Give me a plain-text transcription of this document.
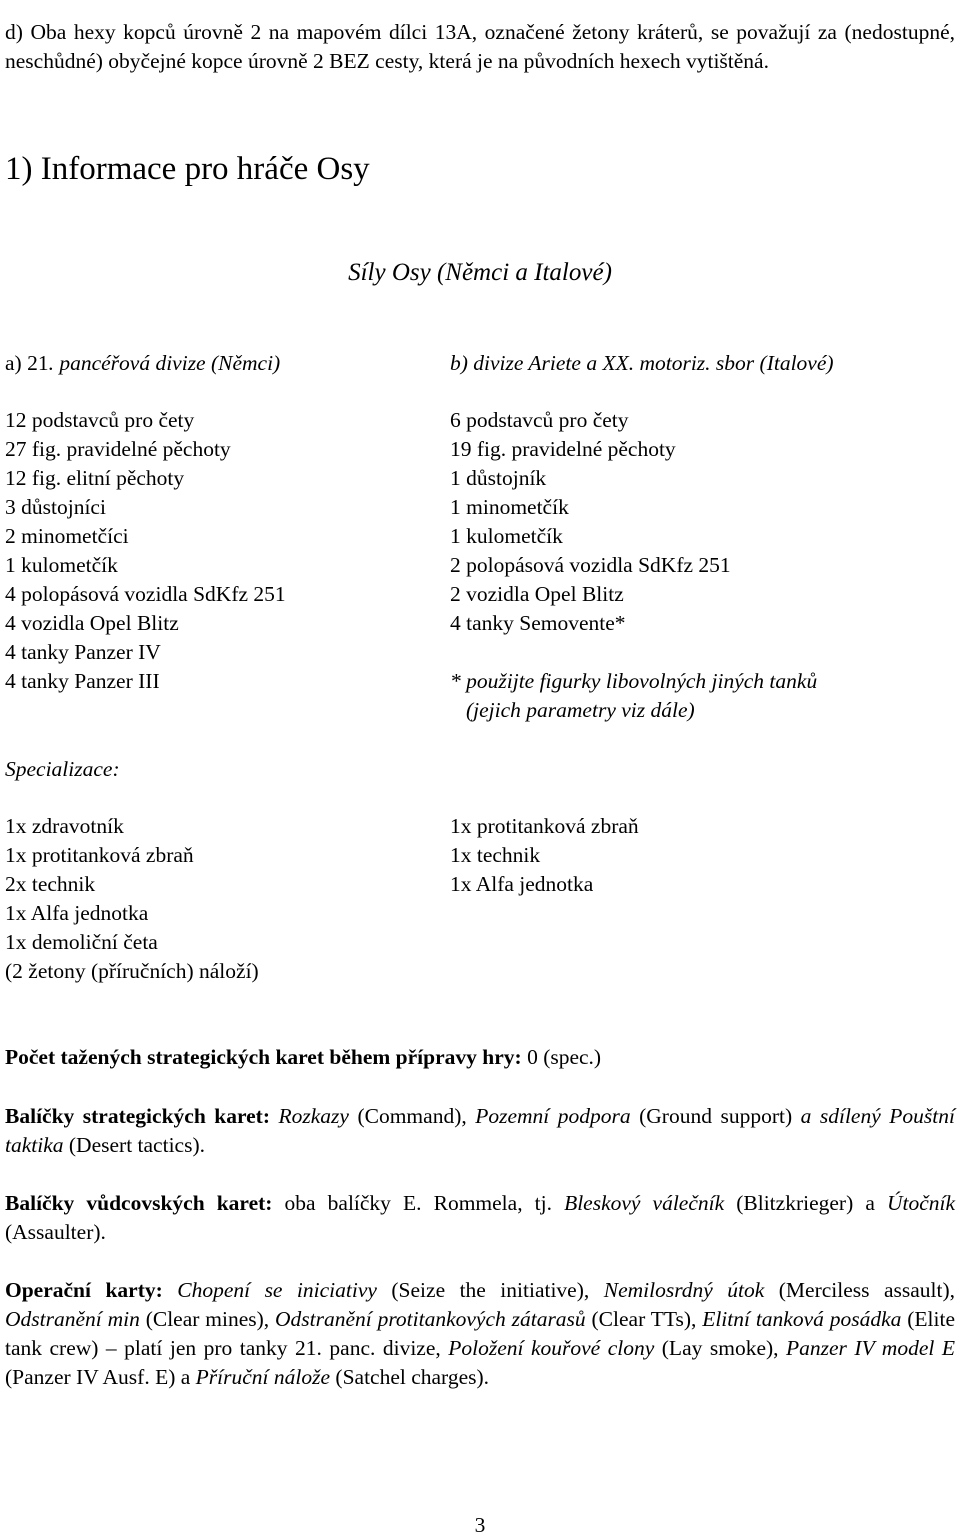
d) Oba hexy kopců úrovně 2 na mapovém dílci 13A, označené žetony kráterů, se považují za (nedostupné, neschůdné) obyčejné kopce úrovně 2 BEZ cesty, která je na původních hexech vytištěná.

1) Informace pro hráče Osy
Síly Osy (Němci a Italové)
a) 21. pancéřová divize (Němci)
12 podstavců pro čety
27 fig. pravidelné pěchoty
12 fig. elitní pěchoty
3 důstojníci
2 minometčíci
1 kulometčík
4 polopásová vozidla SdKfz 251
4 vozidla Opel Blitz
4 tanky Panzer IV
4 tanky Panzer III
b) divize Ariete a XX. motoriz. sbor (Italové)
6 podstavců pro čety
19 fig. pravidelné pěchoty
1 důstojník
1 minometčík
1 kulometčík
2 polopásová vozidla SdKfz 251
2 vozidla Opel Blitz
4 tanky Semovente*
* použijte figurky libovolných jiných tanků
(jejich parametry viz dále)
Specializace:
1x zdravotník
1x protitanková zbraň
2x technik
1x Alfa jednotka
1x demoliční četa
(2 žetony (příručních) náloží)
1x protitanková zbraň
1x technik
1x Alfa jednotka
Počet tažených strategických karet během přípravy hry: 0 (spec.)
Balíčky strategických karet: Rozkazy (Command), Pozemní podpora (Ground support) a sdílený Pouštní taktika (Desert tactics).
Balíčky vůdcovských karet: oba balíčky E. Rommela, tj. Bleskový válečník (Blitzkrieger) a Útočník (Assaulter).
Operační karty: Chopení se iniciativy (Seize the initiative), Nemilosrdný útok (Merciless assault), Odstranění min (Clear mines), Odstranění protitankových zátarasů (Clear TTs), Elitní tanková posádka (Elite tank crew) – platí jen pro tanky 21. panc. divize, Položení kouřové clony (Lay smoke), Panzer IV model E (Panzer IV Ausf. E) a Příruční nálože (Satchel charges).
3
